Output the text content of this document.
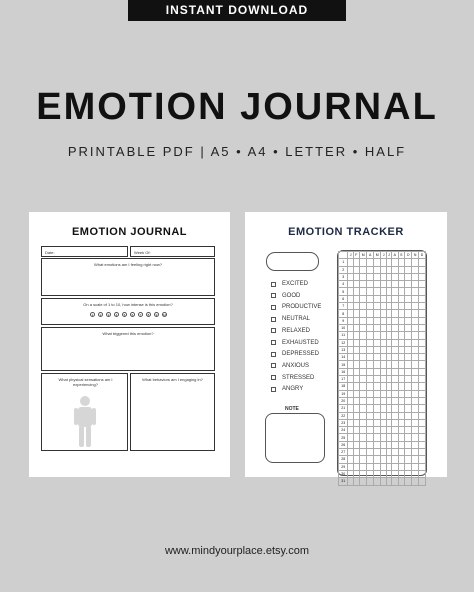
INSTANT DOWNLOAD
EMOTION JOURNAL
PRINTABLE PDF | A5 • A4 • LETTER • HALF
EMOTION JOURNAL
Date:	Week Of:
What emotions am I feeling right now?
On a scale of 1 to 10, how intense is this emotion?
1	2	3	4	5	6	7	8	9	10
What triggered this emotion?
What physical sensations am I experiencing?
What behaviors am I engaging in?
EMOTION TRACKER
EXCITED
GOOD
PRODUCTIVE
NEUTRAL
RELAXED
EXHAUSTED
DEPRESSED
ANXIOUS
STRESSED
ANGRY
NOTE
	J	F	M	A	M	J	J	A	S	O	N	D
1												
2												
3												
4												
5												
6												
7												
8												
9												
10												
11												
12												
13												
14												
15												
16												
17												
18												
19												
20												
21												
22												
23												
24												
25												
26												
27												
28												
29												
30												
31												
www.mindyourplace.etsy.com
